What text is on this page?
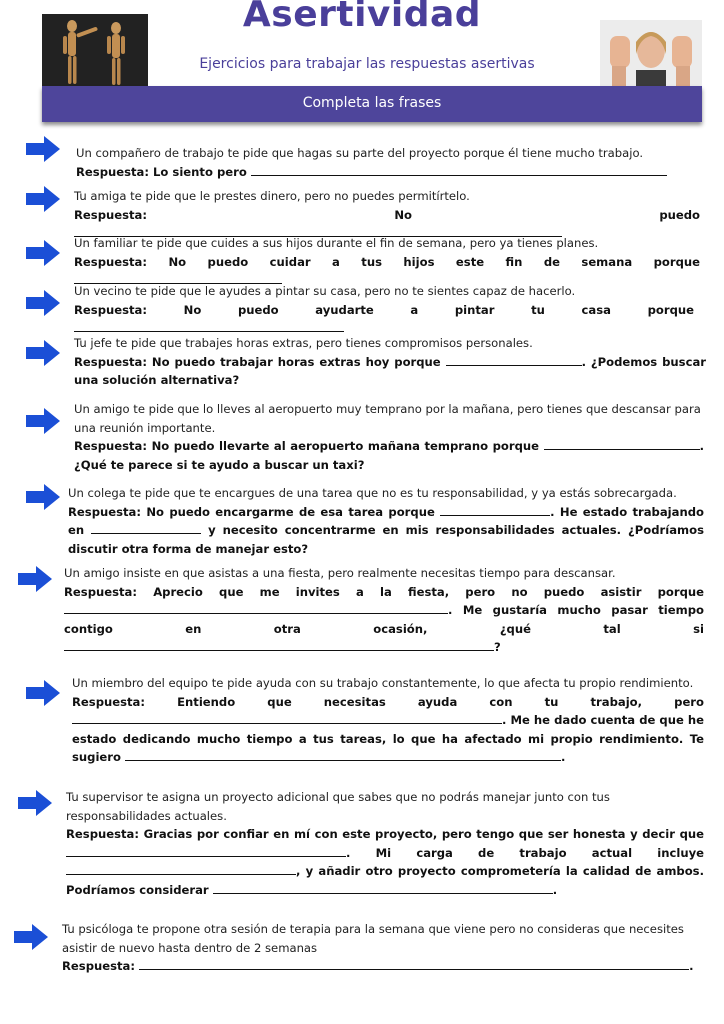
Asertividad
Ejercicios para trabajar las respuestas asertivas
Completa las frases

Un compañero de trabajo te pide que hagas su parte del proyecto porque él tiene mucho trabajo.

Respuesta: Lo siento pero

Tu amiga te pide que le prestes dinero, pero no puedes permitírtelo.

Respuesta: No puedo

Un familiar te pide que cuides a sus hijos durante el fin de semana, pero ya tienes planes.

Respuesta: No puedo cuidar a tus hijos este fin de semana porque

Un vecino te pide que le ayudes a pintar su casa, pero no te sientes capaz de hacerlo.

Respuesta: No puedo ayudarte a pintar tu casa porque

Tu jefe te pide que trabajes horas extras, pero tienes compromisos personales.

Respuesta: No puedo trabajar horas extras hoy porque	. ¿Podemos buscar una solución alternativa?

Un amigo te pide que lo lleves al aeropuerto muy temprano por la mañana, pero tienes que descansar para una reunión importante.

Respuesta: No puedo llevarte al aeropuerto mañana temprano porque	. ¿Qué te parece si te ayudo a buscar un taxi?

Un colega te pide que te encargues de una tarea que no es tu responsabilidad, y ya estás sobrecargada.

Respuesta: No puedo encargarme de esa tarea porque	. He estado trabajando en	y necesito concentrarme en mis responsabilidades actuales. ¿Podríamos discutir otra forma de manejar esto?

Un amigo insiste en que asistas a una fiesta, pero realmente necesitas tiempo para descansar.

Respuesta: Aprecio que me invites a la fiesta, pero no puedo asistir porque . Me gustaría mucho pasar tiempo contigo en otra ocasión, ¿qué tal si ?

Un miembro del equipo te pide ayuda con su trabajo constantemente, lo que afecta tu propio rendimiento.

Respuesta: Entiendo que necesitas ayuda con tu trabajo, pero . Me he dado cuenta de que he estado dedicando mucho tiempo a tus tareas, lo que ha afectado mi propio rendimiento. Te sugiero	.

Tu supervisor te asigna un proyecto adicional que sabes que no podrás manejar junto con tus responsabilidades actuales.

Respuesta: Gracias por confiar en mí con este proyecto, pero tengo que ser honesta y decir que . Mi carga de trabajo actual incluye , y añadir otro proyecto comprometería la calidad de ambos. Podríamos considerar	.

Tu psicóloga te propone otra sesión de terapia para la semana que viene pero no consideras que necesites asistir de nuevo hasta dentro de 2 semanas

Respuesta:	.
